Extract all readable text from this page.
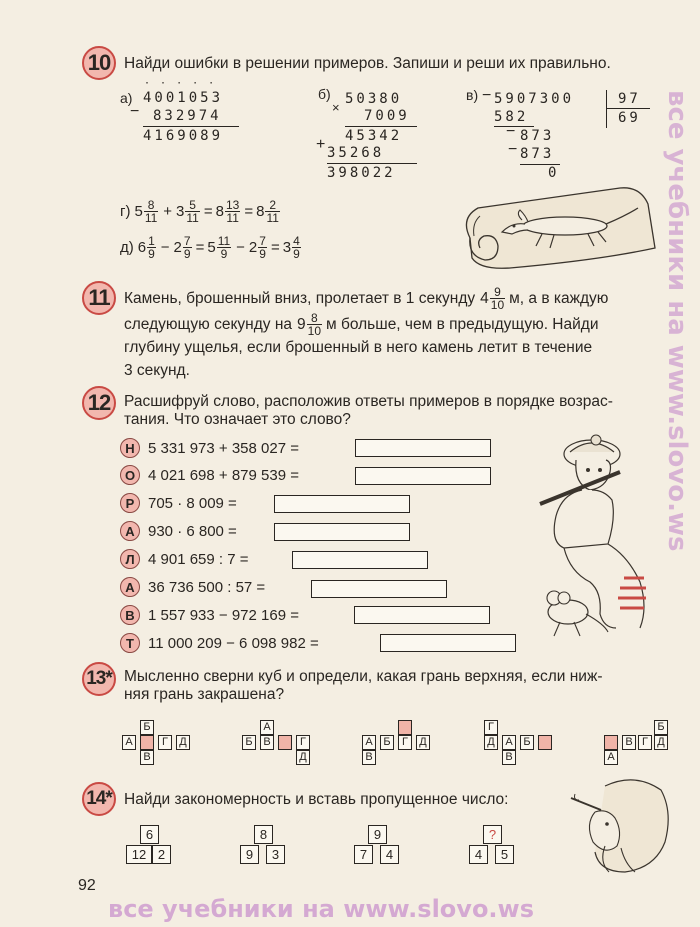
10 Найди ошибки в решении примеров. Запиши и реши их правильно.
а)
· · · · ·
4001053
− 832974
4169089
б)
×
50380
7009
45342
+ 35268
398022
в) − 5907300	97
69
582
− 873
− 873
0
г) $5 \frac{8}{11} + 3 \frac{5}{11} = 8 \frac{13}{11} = 8 \frac{2}{11}$
д) $6 \frac{1}{9} - 2 \frac{7}{9} = 5 \frac{11}{9} - 2 \frac{7}{9} = 3 \frac{4}{9}$
11 Камень, брошенный вниз, пролетает в 1 секунду $4 \frac{9}{10} м$, а в каждую
следующую секунду на $9 \frac{8}{10}$ м больше, чем в предыдущую. Найди
глубину ущелья, если брошенный в него камень летит в течение
3 секунд.
12 Расшифруй слово, расположив ответы примеров в порядке возрас-
тания. Что означает это слово?
Н 5 331 973 + 358 027 =
О 4 021 698 + 879 539 =
Р 705 · 8 009 =
А 930 · 6 800 =
Л 4 901 659 : 7 =
А 36 736 500 : 57 =
В 1 557 933 − 972 169 =
Т 11 000 209 − 6 098 982 =
13* Мысленно сверни куб и определи, какая грань верхняя, если ниж-
няя грань закрашена?
Б
А	Г	Д
В
А
Б В	Г
Д
А Б	Г	Д
В
Г
Д А Б
В
Б
В Г Д
А
14* Найди закономерность и вставь пропущенное число:
6
12 2
8
9	3
9
7	4
?
4	5
92
все учебники на www.slovo.ws
все учебники на www.slovo.ws
